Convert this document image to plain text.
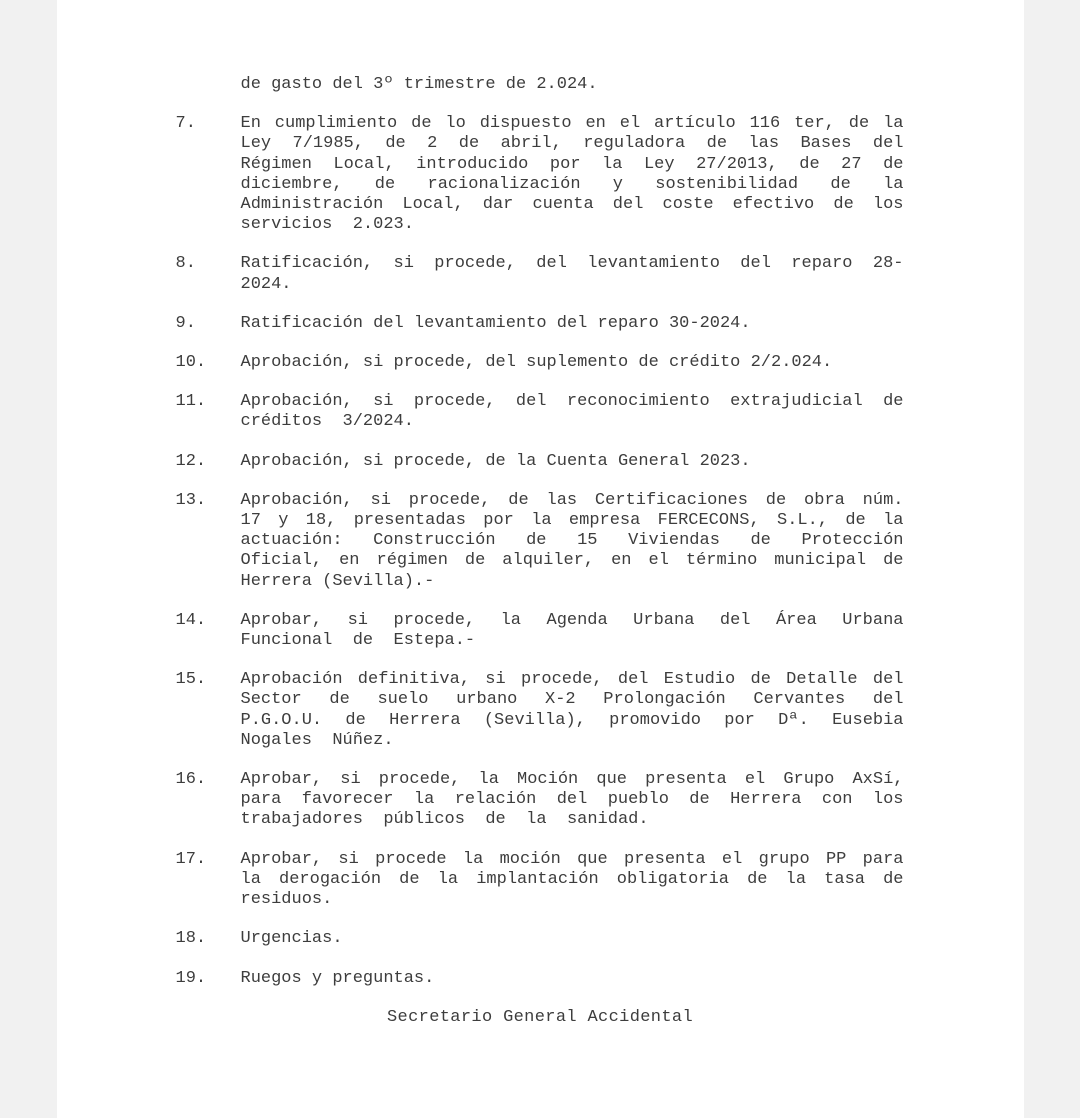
de gasto del 3º trimestre de 2.024.
7.	En cumplimiento de lo dispuesto en el artículo 116 ter, de la
Ley 7/1985, de 2 de abril, reguladora de las Bases del
Régimen Local, introducido por la Ley 27/2013, de 27 de
diciembre, de racionalización y sostenibilidad de la
Administración Local, dar cuenta del coste efectivo de los
servicios  2.023.
8.	Ratificación, si procede, del levantamiento del reparo 28-
2024.
9.	Ratificación del levantamiento del reparo 30-2024.
10.	Aprobación, si procede, del suplemento de crédito 2/2.024.
11.	Aprobación, si procede, del reconocimiento extrajudicial de
créditos  3/2024.
12.	Aprobación, si procede, de la Cuenta General 2023.
13.	Aprobación, si procede, de las Certificaciones de obra núm.
17 y 18, presentadas por la empresa FERCECONS, S.L., de la
actuación: Construcción de 15 Viviendas de Protección
Oficial, en régimen de alquiler, en el término municipal de
Herrera (Sevilla).-
14.	Aprobar, si procede, la Agenda Urbana del Área Urbana
Funcional  de  Estepa.-
15.	Aprobación definitiva, si procede, del Estudio de Detalle del
Sector de suelo urbano X-2 Prolongación Cervantes del
P.G.O.U. de Herrera (Sevilla), promovido por Dª. Eusebia
Nogales  Núñez.
16.	Aprobar, si procede, la Moción que presenta el Grupo AxSí,
para favorecer la relación del pueblo de Herrera con los
trabajadores  públicos  de  la  sanidad.
17.	Aprobar, si procede la moción que presenta el grupo PP para
la derogación de la implantación obligatoria de la tasa de
residuos.
18.	Urgencias.
19.	Ruegos y preguntas.
Secretario General Accidental
